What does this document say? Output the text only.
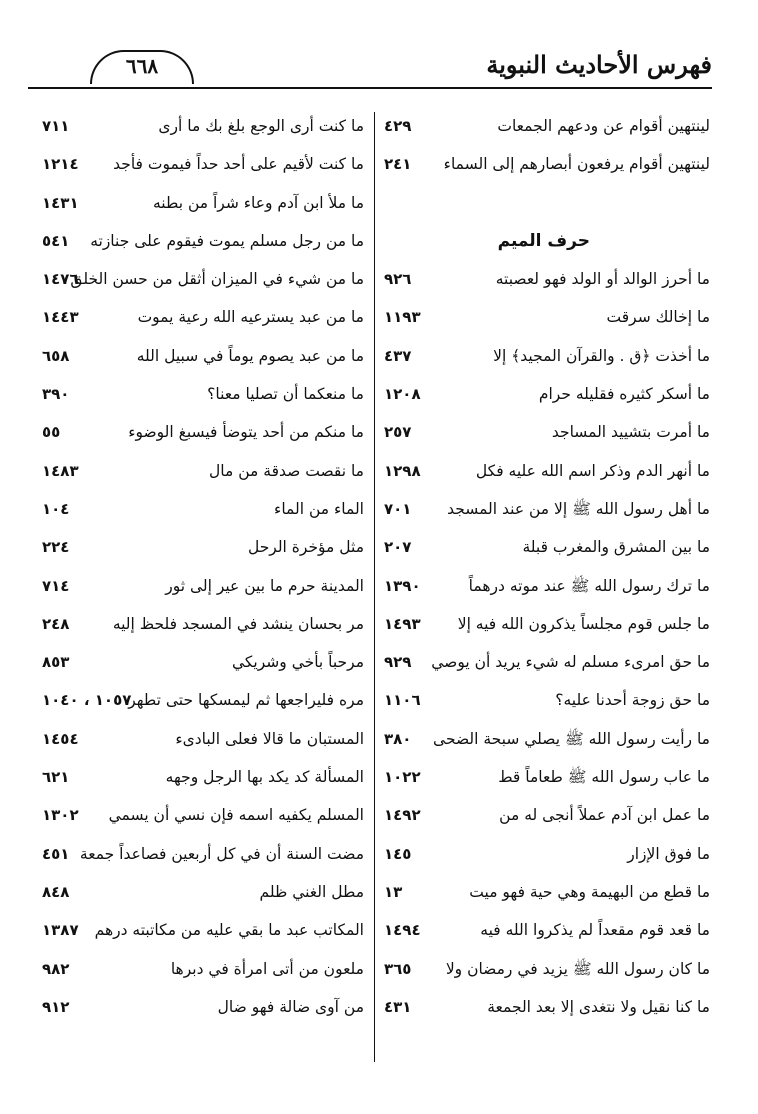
فهرس الأحاديث النبوية
٦٦٨
لينتهين أقوام عن ودعهم الجمعات
٤٢٩
لينتهين أقوام يرفعون أبصارهم إلى السماء
٢٤١
حرف الميم
ما أحرز الوالد أو الولد فهو لعصبته
٩٢٦
ما إخالك سرقت
١١٩٣
ما أخذت ﴿ق . والقرآن المجيد﴾ إلا
٤٣٧
ما أسكر كثيره فقليله حرام
١٢٠٨
ما أمرت بتشييد المساجد
٢٥٧
ما أنهر الدم وذكر اسم الله عليه فكل
١٢٩٨
ما أهل رسول الله ﷺ إلا من عند المسجد
٧٠١
ما بين المشرق والمغرب قبلة
٢٠٧
ما ترك رسول الله ﷺ عند موته درهماً
١٣٩٠
ما جلس قوم مجلساً يذكرون الله فيه إلا
١٤٩٣
ما حق امرىء مسلم له شيء يريد أن يوصي
٩٢٩
ما حق زوجة أحدنا عليه؟
١١٠٦
ما رأيت رسول الله ﷺ يصلي سبحة الضحى
٣٨٠
ما عاب رسول الله ﷺ طعاماً قط
١٠٢٢
ما عمل ابن آدم عملاً أنجى له من
١٤٩٢
ما فوق الإزار
١٤٥
ما قطع من البهيمة وهي حية فهو ميت
١٣
ما قعد قوم مقعداً لم يذكروا الله فيه
١٤٩٤
ما كان رسول الله ﷺ يزيد في رمضان ولا
٣٦٥
ما كنا نقيل ولا نتغدى إلا بعد الجمعة
٤٣١
ما كنت أرى الوجع بلغ بك ما أرى
٧١١
ما كنت لأقيم على أحد حداً فيموت فأجد
١٢١٤
ما ملأ ابن آدم وعاء شراً من بطنه
١٤٣١
ما من رجل مسلم يموت فيقوم على جنازته
٥٤١
ما من شيء في الميزان أثقل من حسن الخلق
١٤٧٦
ما من عبد يسترعيه الله رعية يموت
١٤٤٣
ما من عبد يصوم يوماً في سبيل الله
٦٥٨
ما منعكما أن تصليا معنا؟
٣٩٠
ما منكم من أحد يتوضأ فيسبغ الوضوء
٥٥
ما نقصت صدقة من مال
١٤٨٣
الماء من الماء
١٠٤
مثل مؤخرة الرحل
٢٢٤
المدينة حرم ما بين عير إلى ثور
٧١٤
مر بحسان ينشد في المسجد فلحظ إليه
٢٤٨
مرحباً بأخي وشريكي
٨٥٣
مره فليراجعها ثم ليمسكها حتى تطهر
١٠٥٧ ، ١٠٤٠
المستبان ما قالا فعلى البادىء
١٤٥٤
المسألة كد يكد بها الرجل وجهه
٦٢١
المسلم يكفيه اسمه فإن نسي أن يسمي
١٣٠٢
مضت السنة أن في كل أربعين فصاعداً جمعة
٤٥١
مطل الغني ظلم
٨٤٨
المكاتب عبد ما بقي عليه من مكاتبته درهم
١٣٨٧
ملعون من أتى امرأة في دبرها
٩٨٢
من آوى ضالة فهو ضال
٩١٢
